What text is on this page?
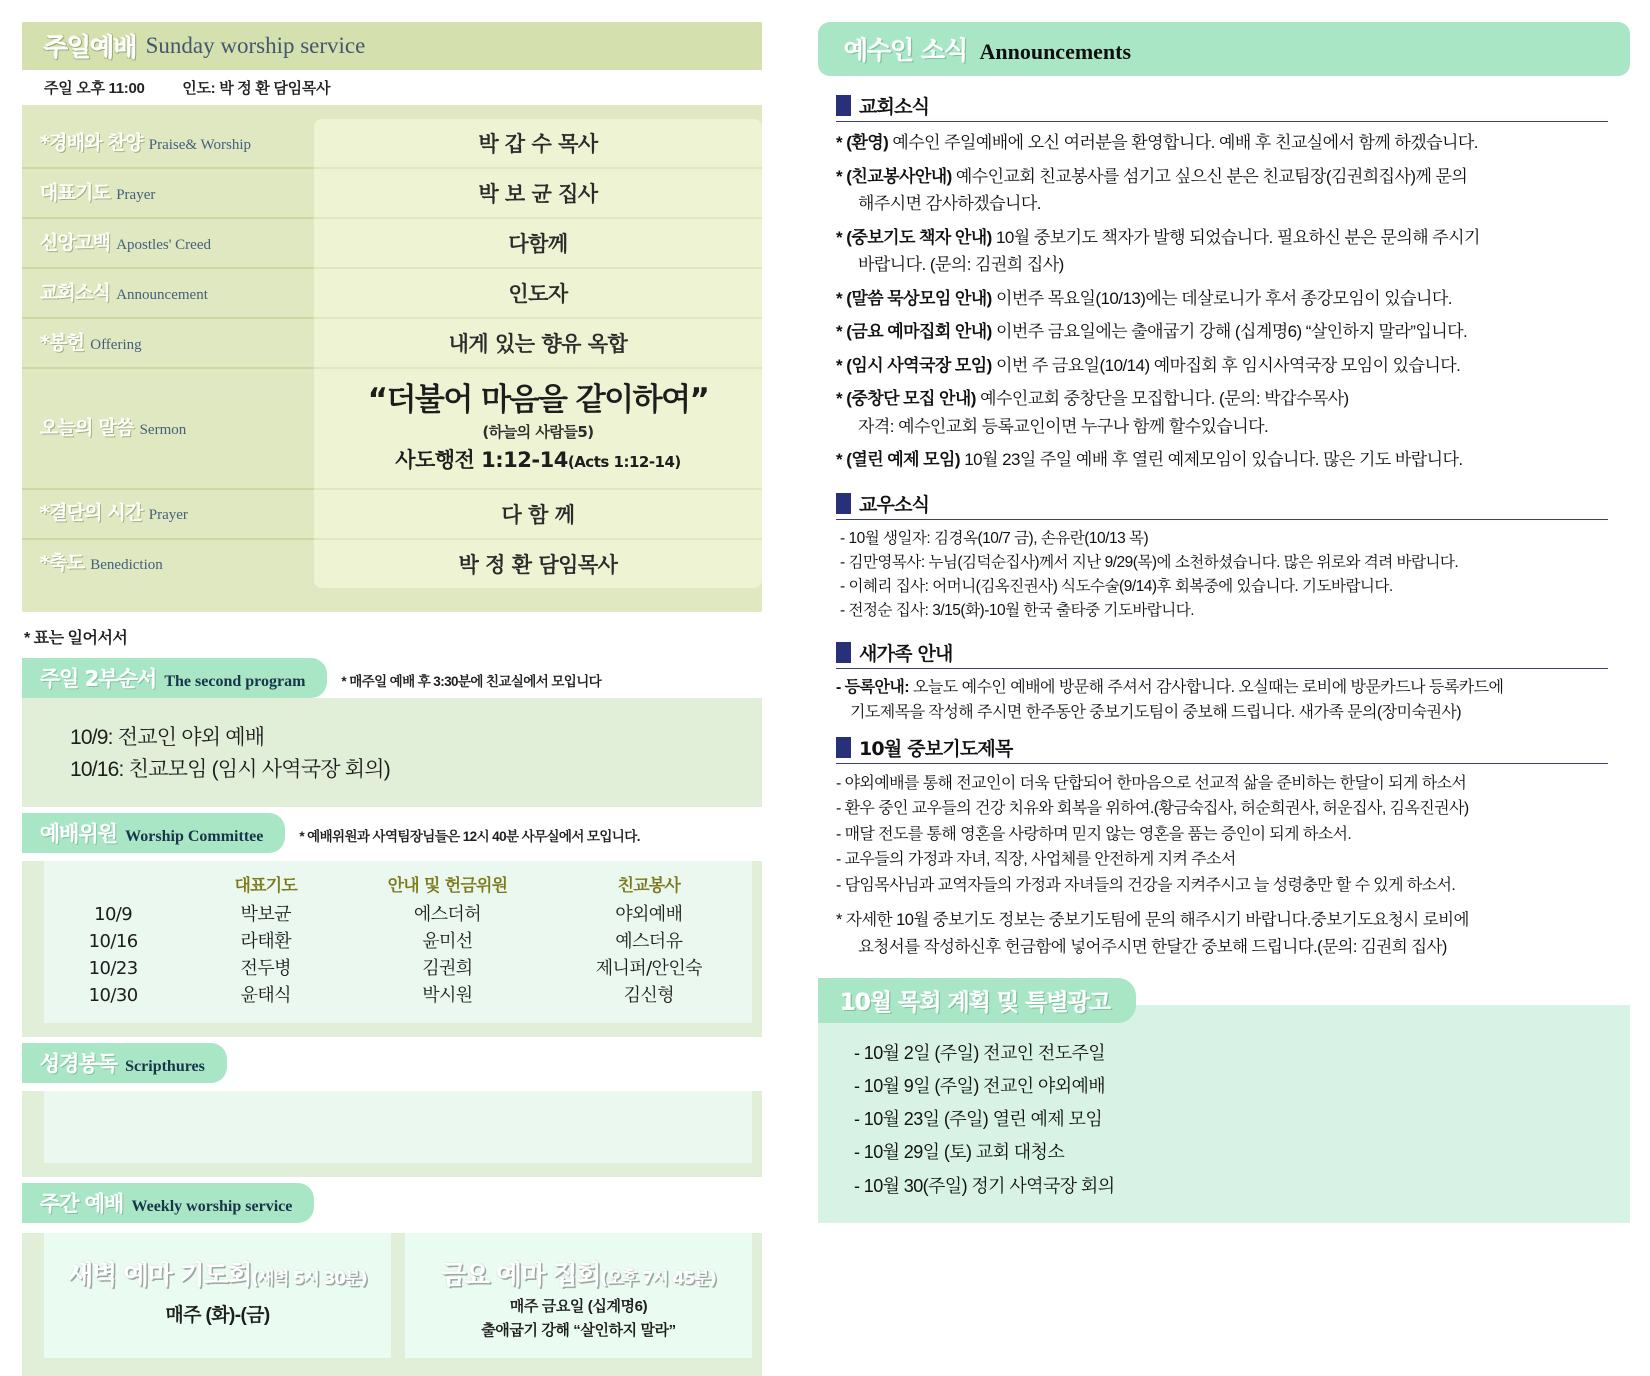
주일예배 Sunday worship service
주일 오후 11:00	인도: 박 정 환 담임목사
*경배와 찬양 Praise& Worship	박 갑 수 목사
대표기도 Prayer	박 보 균 집사
신앙고백 Apostles' Creed	다함께
교회소식 Announcement	인도자
*봉헌 Offering	내게 있는 향유 옥합
오늘의 말씀 Sermon	“더불어 마음을 같이하여”
(하늘의 사람들5)
사도행전 1:12-14(Acts 1:12-14)

*결단의 시간 Prayer	다 함 께
*축도 Benediction	박 정 환 담임목사
* 표는 일어서서
주일 2부순서 The second program	* 매주일 예배 후 3:30분에 친교실에서 모입니다
10/9: 전교인 야외 예배
10/16: 친교모임 (임시 사역국장 회의)
예배위원 Worship Committee	* 예배위원과 사역팀장님들은 12시 40분 사무실에서 모입니다.
	대표기도	안내 및 헌금위원	친교봉사
10/9	박보균	에스더허	야외예배
10/16	라태환	윤미선	예스더유
10/23	전두병	김권희	제니퍼/안인숙
10/30	윤태식	박시원	김신형
성경봉독 Scripthures
주간 예배 Weekly worship service
새벽 예마 기도회(새벽 5시 30분)
매주 (화)-(금)
금요 예마 집회(오후 7시 45분)
매주 금요일 (십계명6)
출애굽기 강해 “살인하지 말라”
예수인 소식 Announcements
교회소식
* (환영) 예수인 주일예배에 오신 여러분을 환영합니다. 예배 후 친교실에서 함께 하겠습니다.
* (친교봉사안내) 예수인교회 친교봉사를 섬기고 싶으신 분은 친교팀장(김권희집사)께 문의
해주시면 감사하겠습니다.
* (중보기도 책자 안내) 10월 중보기도 책자가 발행 되었습니다. 필요하신 분은 문의해 주시기
바랍니다. (문의: 김권희 집사)
* (말씀 묵상모임 안내) 이번주 목요일(10/13)에는 데살로니가 후서 종강모임이 있습니다.
* (금요 예마집회 안내) 이번주 금요일에는 출애굽기 강해 (십계명6) “살인하지 말라”입니다.
* (임시 사역국장 모임) 이번 주 금요일(10/14) 예마집회 후 임시사역국장 모임이 있습니다.
* (중창단 모집 안내) 예수인교회 중창단을 모집합니다. (문의: 박갑수목사)
자격: 예수인교회 등록교인이면 누구나 함께 할수있습니다.
* (열린 예제 모임) 10월 23일 주일 예배 후 열린 예제모임이 있습니다. 많은 기도 바랍니다.
교우소식
- 10월 생일자: 김경옥(10/7 금), 손유란(10/13 목)
- 김만영목사: 누님(김덕순집사)께서 지난 9/29(목)에 소천하셨습니다. 많은 위로와 격려 바랍니다.
- 이혜리 집사: 어머니(김옥진권사) 식도수술(9/14)후 회복중에 있습니다. 기도바랍니다.
- 전정순 집사: 3/15(화)-10월 한국 출타중 기도바랍니다.
새가족 안내
- 등록안내: 오늘도 예수인 예배에 방문해 주셔서 감사합니다. 오실때는 로비에 방문카드나 등록카드에
기도제목을 작성해 주시면 한주동안 중보기도팀이 중보해 드립니다. 새가족 문의(장미숙권사)
10월 중보기도제목
- 야외예배를 통해 전교인이 더욱 단합되어 한마음으로 선교적 삶을 준비하는 한달이 되게 하소서
- 환우 중인 교우들의 건강 치유와 회복을 위하여.(황금숙집사, 허순희권사, 허운집사, 김옥진권사)
- 매달 전도를 통해 영혼을 사랑하며 믿지 않는 영혼을 품는 증인이 되게 하소서.
- 교우들의 가정과 자녀, 직장, 사업체를 안전하게 지켜 주소서
- 담임목사님과 교역자들의 가정과 자녀들의 건강을 지켜주시고 늘 성령충만 할 수 있게 하소서.
* 자세한 10월 중보기도 정보는 중보기도팀에 문의 해주시기 바랍니다.중보기도요청시 로비에
요청서를 작성하신후 헌금함에 넣어주시면 한달간 중보해 드립니다.(문의: 김권희 집사)
10월 목회 계획 및 특별광고
- 10월 2일 (주일) 전교인 전도주일
- 10월 9일 (주일) 전교인 야외예배
- 10월 23일 (주일) 열린 예제 모임
- 10월 29일 (토) 교회 대청소
- 10월 30(주일) 정기 사역국장 회의
